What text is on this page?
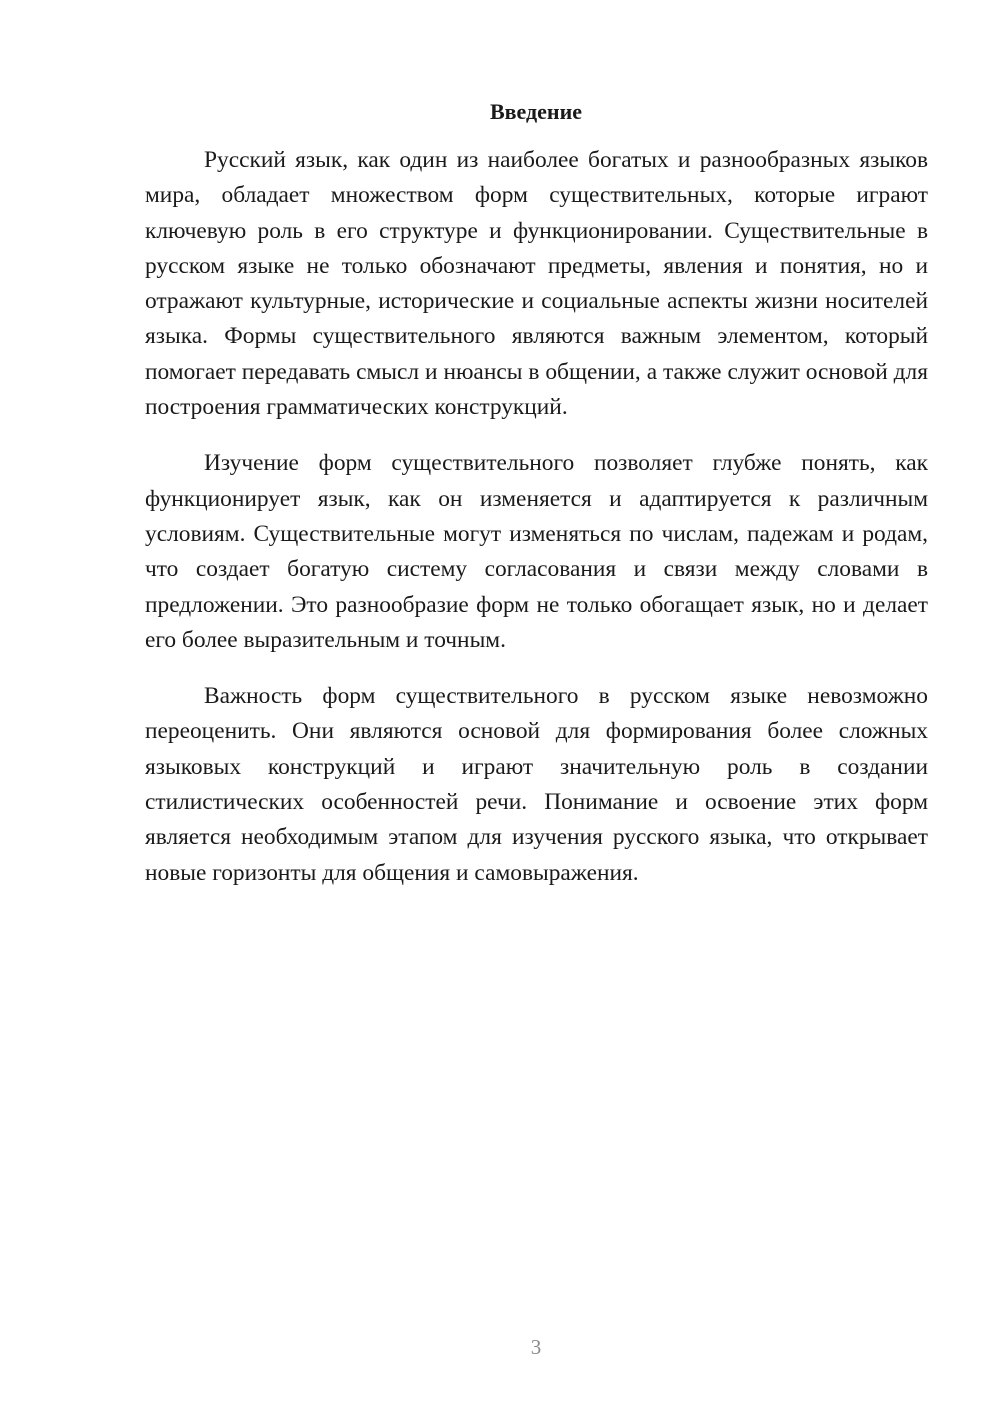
Введение

Русский язык, как один из наиболее богатых и разнообразных языков мира, обладает множеством форм существительных, которые играют ключевую роль в его структуре и функционировании. Существительные в русском языке не только обозначают предметы, явления и понятия, но и отражают культурные, исторические и социальные аспекты жизни носителей языка. Формы существительного являются важным элементом, который помогает передавать смысл и нюансы в общении, а также служит основой для построения грамматических конструкций.

Изучение форм существительного позволяет глубже понять, как функционирует язык, как он изменяется и адаптируется к различным условиям. Существительные могут изменяться по числам, падежам и родам, что создает богатую систему согласования и связи между словами в предложении. Это разнообразие форм не только обогащает язык, но и делает его более выразительным и точным.

Важность форм существительного в русском языке невозможно переоценить. Они являются основой для формирования более сложных языковых конструкций и играют значительную роль в создании стилистических особенностей речи. Понимание и освоение этих форм является необходимым этапом для изучения русского языка, что открывает новые горизонты для общения и самовыражения.

3
